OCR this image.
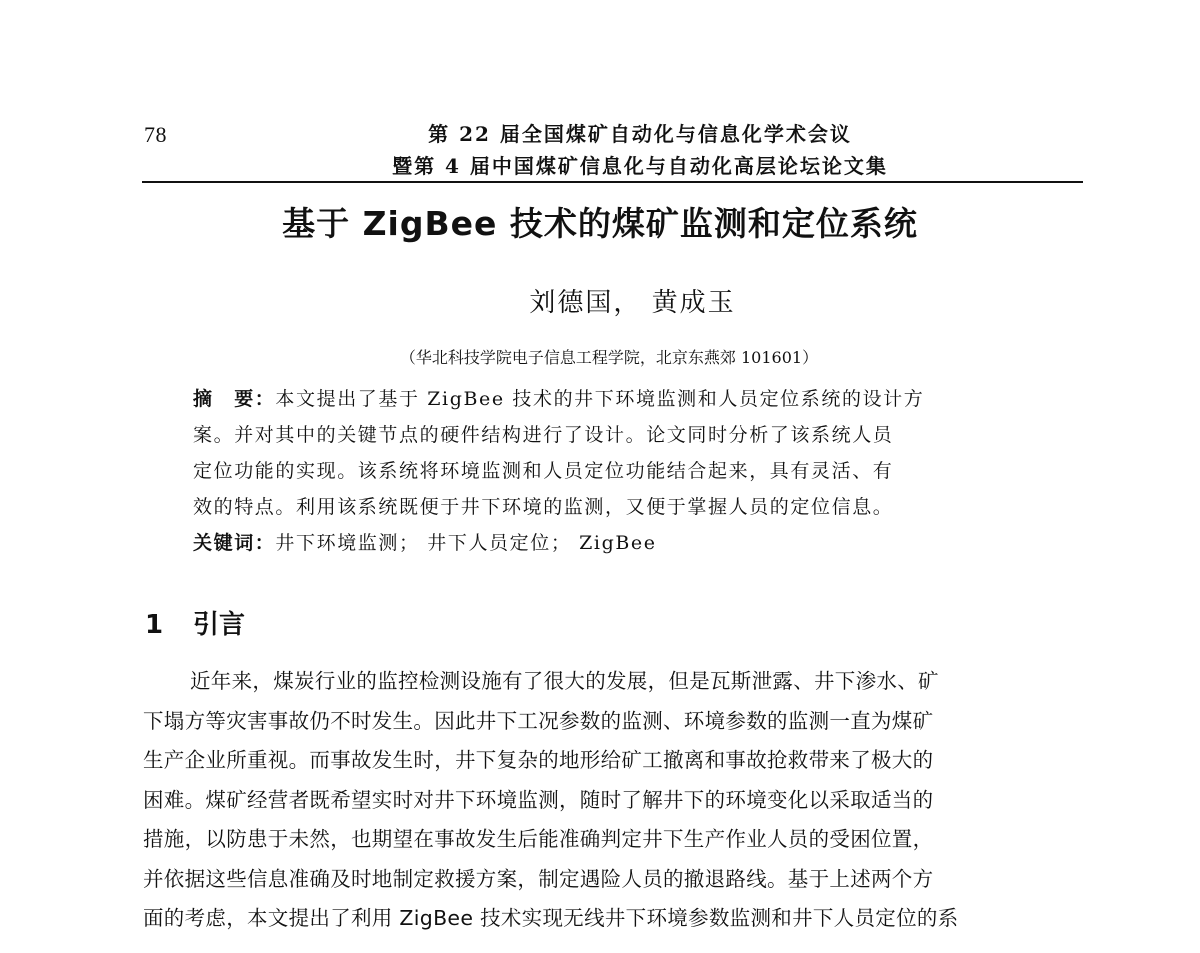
78	第 22 届全国煤矿自动化与信息化学术会议
暨第 4 届中国煤矿信息化与自动化高层论坛论文集
基于 ZigBee 技术的煤矿监测和定位系统
刘德国， 黄成玉
（华北科技学院电子信息工程学院，北京东燕郊 101601）
摘　要：本文提出了基于 ZigBee 技术的井下环境监测和人员定位系统的设计方
案。并对其中的关键节点的硬件结构进行了设计。论文同时分析了该系统人员
定位功能的实现。该系统将环境监测和人员定位功能结合起来，具有灵活、有
效的特点。利用该系统既便于井下环境的监测，又便于掌握人员的定位信息。
关键词：井下环境监测； 井下人员定位； ZigBee
1 引言
近年来，煤炭行业的监控检测设施有了很大的发展，但是瓦斯泄露、井下渗水、矿
下塌方等灾害事故仍不时发生。因此井下工况参数的监测、环境参数的监测一直为煤矿
生产企业所重视。而事故发生时，井下复杂的地形给矿工撤离和事故抢救带来了极大的
困难。煤矿经营者既希望实时对井下环境监测，随时了解井下的环境变化以采取适当的
措施，以防患于未然，也期望在事故发生后能准确判定井下生产作业人员的受困位置，
并依据这些信息准确及时地制定救援方案，制定遇险人员的撤退路线。基于上述两个方
面的考虑，本文提出了利用 ZigBee 技术实现无线井下环境参数监测和井下人员定位的系
